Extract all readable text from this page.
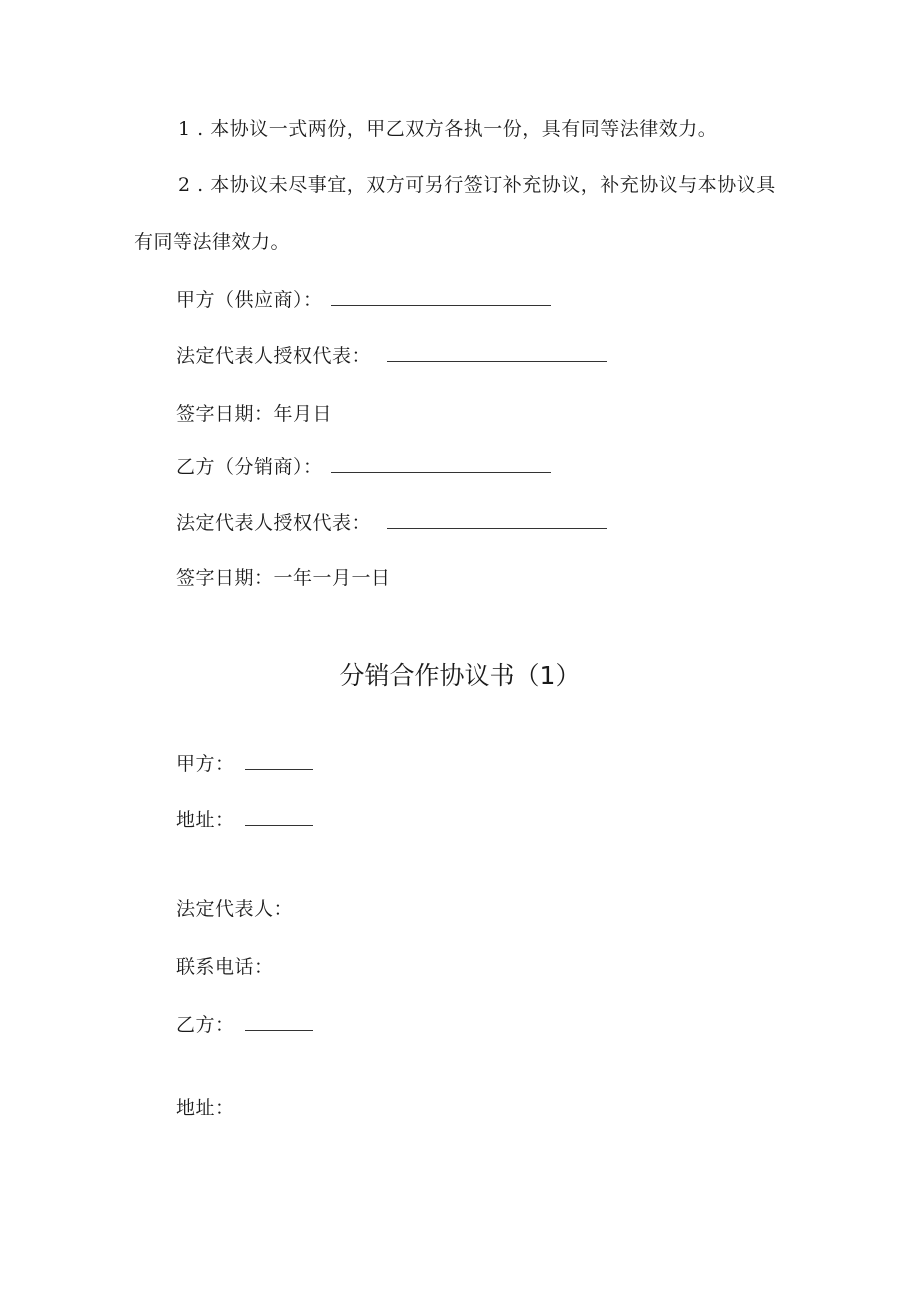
1 . 本协议一式两份，甲乙双方各执一份，具有同等法律效力。
2 . 本协议未尽事宜，双方可另行签订补充协议，补充协议与本协议具
有同等法律效力。
甲方（供应商）：
法定代表人授权代表：
签字日期：年月日
乙方（分销商）：
法定代表人授权代表：
签字日期：一年一月一日
分销合作协议书（1）
甲方：
地址：
法定代表人：
联系电话：
乙方：
地址：
